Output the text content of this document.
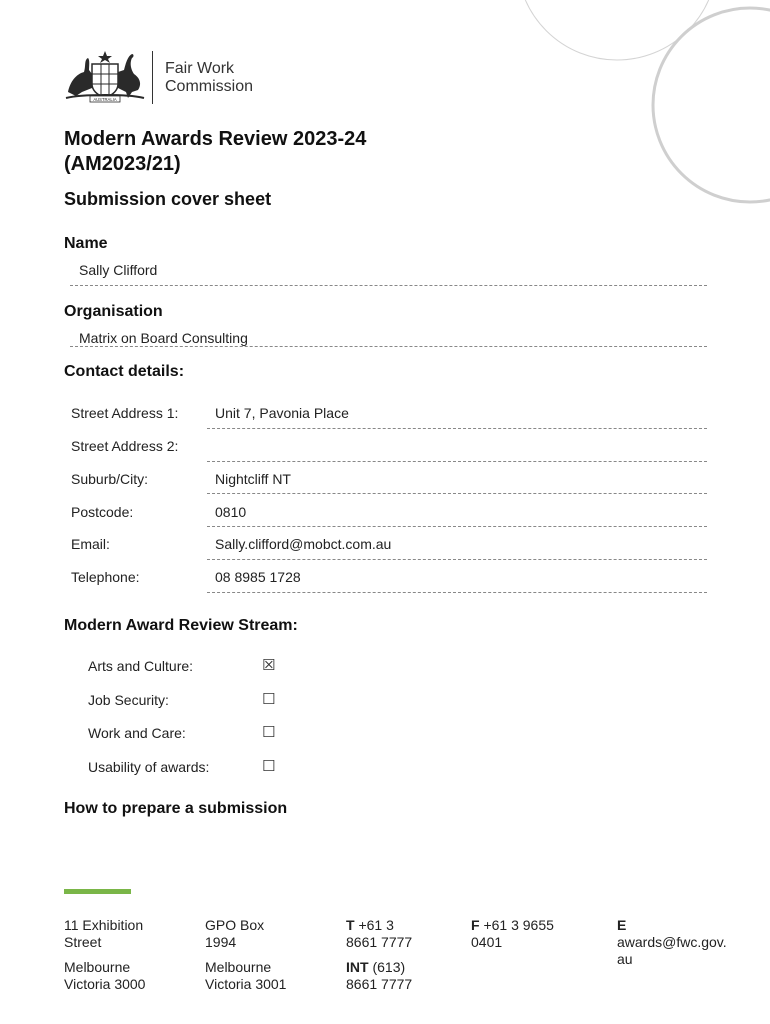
AUSTRALIA
Fair Work
Commission
Modern Awards Review 2023-24
(AM2023/21)
Submission cover sheet
Name
Sally Clifford
Organisation
Matrix on Board Consulting
Contact details:
Street Address 1:	Unit 7, Pavonia Place
Street Address 2:
Suburb/City:	Nightcliff NT
Postcode:	0810
Email:	Sally.clifford@mobct.com.au
Telephone:	08 8985 1728
Modern Award Review Stream:
Arts and Culture:	☒
Job Security:	☐
Work and Care:	☐
Usability of awards:	☐
How to prepare a submission
11 Exhibition
Street
Melbourne
Victoria 3000
GPO Box
1994
Melbourne
Victoria 3001
T +61 3
8661 7777
INT (613)
8661 7777
F +61 3 9655
0401
E
awards@fwc.gov.
au
